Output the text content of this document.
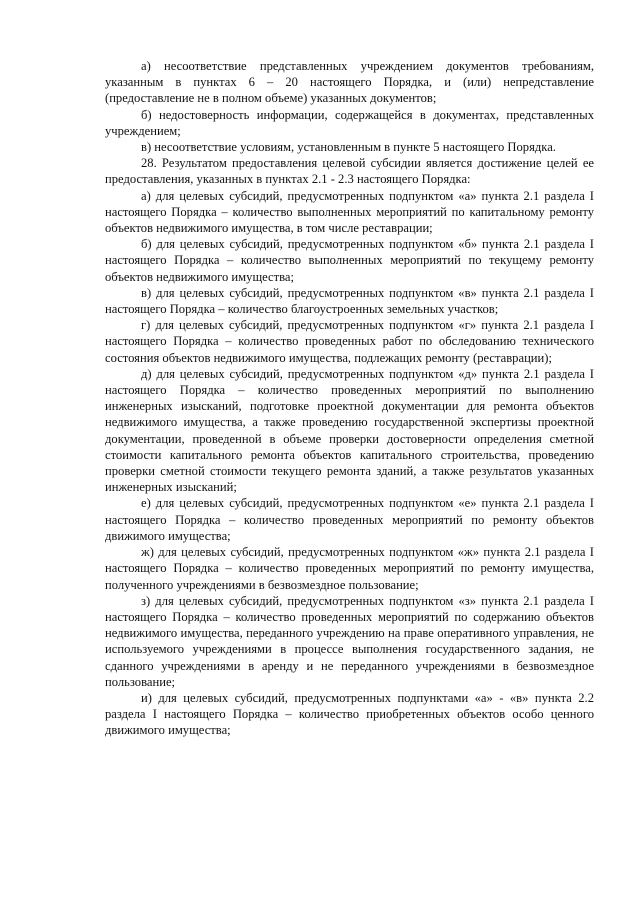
а) несоответствие представленных учреждением документов требованиям, указанным в пунктах 6 – 20 настоящего Порядка, и (или) непредставление (предоставление не в полном объеме) указанных документов;

б) недостоверность информации, содержащейся в документах, представленных учреждением;

в) несоответствие условиям, установленным в пункте 5 настоящего Порядка.

28. Результатом предоставления целевой субсидии является достижение целей ее предоставления, указанных в пунктах 2.1 - 2.3 настоящего Порядка:

а) для целевых субсидий, предусмотренных подпунктом «а» пункта 2.1 раздела I настоящего Порядка – количество выполненных мероприятий по капитальному ремонту объектов недвижимого имущества, в том числе реставрации;

б) для целевых субсидий, предусмотренных подпунктом «б» пункта 2.1 раздела I настоящего Порядка – количество выполненных мероприятий по текущему ремонту объектов недвижимого имущества;

в) для целевых субсидий, предусмотренных подпунктом «в» пункта 2.1 раздела I настоящего Порядка – количество благоустроенных земельных участков;

г) для целевых субсидий, предусмотренных подпунктом «г» пункта 2.1 раздела I настоящего Порядка – количество проведенных работ по обследованию технического состояния объектов недвижимого имущества, подлежащих ремонту (реставрации);

д) для целевых субсидий, предусмотренных подпунктом «д» пункта 2.1 раздела I настоящего Порядка – количество проведенных мероприятий по выполнению инженерных изысканий, подготовке проектной документации для ремонта объектов недвижимого имущества, а также проведению государственной экспертизы проектной документации, проведенной в объеме проверки достоверности определения сметной стоимости капитального ремонта объектов капитального строительства, проведению проверки сметной стоимости текущего ремонта зданий, а также результатов указанных инженерных изысканий;

е) для целевых субсидий, предусмотренных подпунктом «е» пункта 2.1 раздела I настоящего Порядка – количество проведенных мероприятий по ремонту объектов движимого имущества;

ж) для целевых субсидий, предусмотренных подпунктом «ж» пункта 2.1 раздела I настоящего Порядка – количество проведенных мероприятий по ремонту имущества, полученного учреждениями в безвозмездное пользование;

з) для целевых субсидий, предусмотренных подпунктом «з» пункта 2.1 раздела I настоящего Порядка – количество проведенных мероприятий по содержанию объектов недвижимого имущества, переданного учреждению на праве оперативного управления, не используемого учреждениями в процессе выполнения государственного задания, не сданного учреждениями в аренду и не переданного учреждениями в безвозмездное пользование;

и) для целевых субсидий, предусмотренных подпунктами «а» - «в» пункта 2.2 раздела I настоящего Порядка – количество приобретенных объектов особо ценного движимого имущества;
